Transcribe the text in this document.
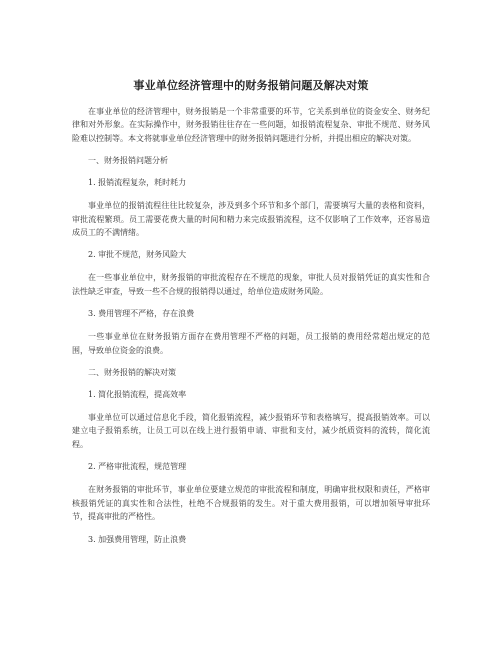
事业单位经济管理中的财务报销问题及解决对策

在事业单位的经济管理中，财务报销是一个非常重要的环节，它关系到单位的资金安全、财务纪律和对外形象。在实际操作中，财务报销往往存在一些问题，如报销流程复杂、审批不规范、财务风险难以控制等。本文将就事业单位经济管理中的财务报销问题进行分析，并提出相应的解决对策。

一、财务报销问题分析

1. 报销流程复杂，耗时耗力

事业单位的报销流程往往比较复杂，涉及到多个环节和多个部门，需要填写大量的表格和资料，审批流程繁琐。员工需要花费大量的时间和精力来完成报销流程，这不仅影响了工作效率，还容易造成员工的不满情绪。

2. 审批不规范，财务风险大

在一些事业单位中，财务报销的审批流程存在不规范的现象，审批人员对报销凭证的真实性和合法性缺乏审查，导致一些不合规的报销得以通过，给单位造成财务风险。

3. 费用管理不严格，存在浪费

一些事业单位在财务报销方面存在费用管理不严格的问题，员工报销的费用经常超出规定的范围，导致单位资金的浪费。

二、财务报销的解决对策

1. 简化报销流程，提高效率

事业单位可以通过信息化手段，简化报销流程，减少报销环节和表格填写，提高报销效率。可以建立电子报销系统，让员工可以在线上进行报销申请、审批和支付，减少纸质资料的流转，简化流程。

2. 严格审批流程，规范管理

在财务报销的审批环节，事业单位要建立规范的审批流程和制度，明确审批权限和责任，严格审核报销凭证的真实性和合法性，杜绝不合规报销的发生。对于重大费用报销，可以增加领导审批环节，提高审批的严格性。

3. 加强费用管理，防止浪费
